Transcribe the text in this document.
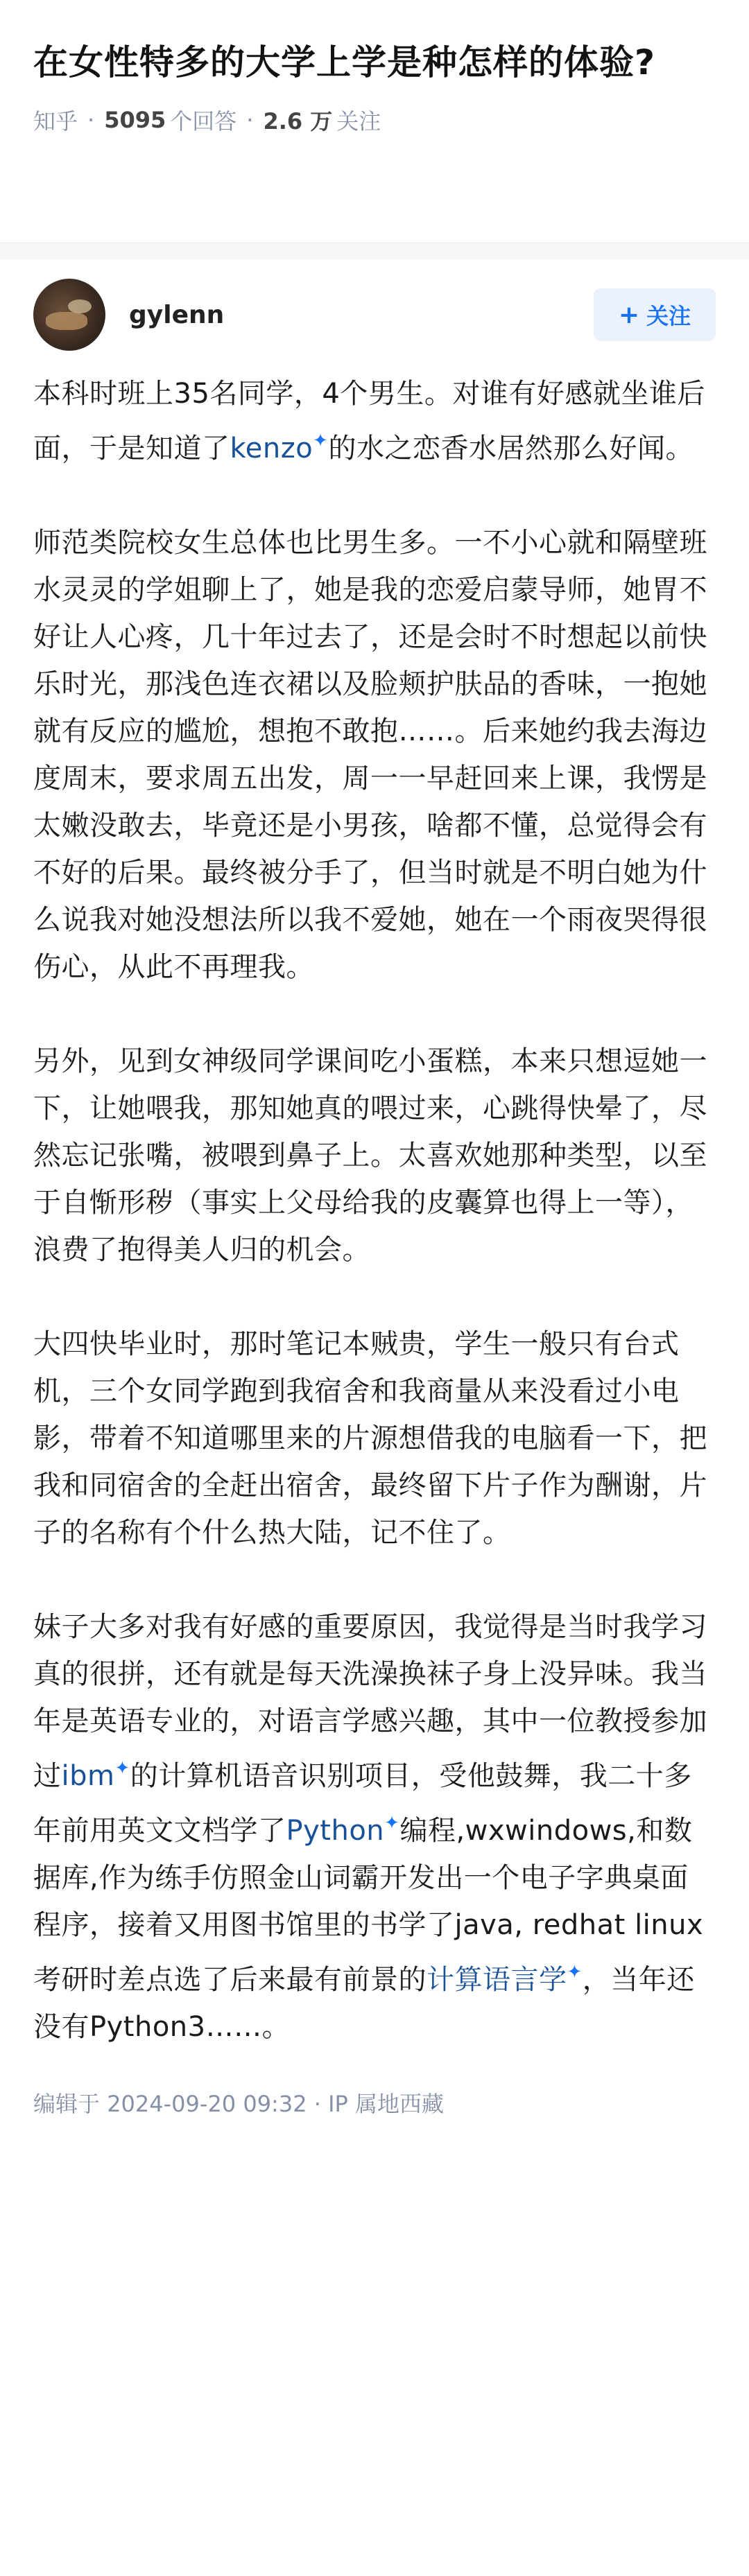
在女性特多的大学上学是种怎样的体验?
知乎 · 5095 个回答 · 2.6 万 关注
gylenn	+ 关注

本科时班上35名同学，4个男生。对谁有好感就坐谁后面，于是知道了kenzo✦的水之恋香水居然那么好闻。

师范类院校女生总体也比男生多。一不小心就和隔壁班水灵灵的学姐聊上了，她是我的恋爱启蒙导师，她胃不好让人心疼，几十年过去了，还是会时不时想起以前快乐时光，那浅色连衣裙以及脸颊护肤品的香味，一抱她就有反应的尴尬，想抱不敢抱……。后来她约我去海边度周末，要求周五出发，周一一早赶回来上课，我愣是太嫩没敢去，毕竟还是小男孩，啥都不懂，总觉得会有不好的后果。最终被分手了，但当时就是不明白她为什么说我对她没想法所以我不爱她，她在一个雨夜哭得很伤心，从此不再理我。

另外，见到女神级同学课间吃小蛋糕，本来只想逗她一下，让她喂我，那知她真的喂过来，心跳得快晕了，尽然忘记张嘴，被喂到鼻子上。太喜欢她那种类型，以至于自惭形秽（事实上父母给我的皮囊算也得上一等），浪费了抱得美人归的机会。

大四快毕业时，那时笔记本贼贵，学生一般只有台式机，三个女同学跑到我宿舍和我商量从来没看过小电影，带着不知道哪里来的片源想借我的电脑看一下，把我和同宿舍的全赶出宿舍，最终留下片子作为酬谢，片子的名称有个什么热大陆，记不住了。

妹子大多对我有好感的重要原因，我觉得是当时我学习真的很拼，还有就是每天洗澡换袜子身上没异味。我当年是英语专业的，对语言学感兴趣，其中一位教授参加过ibm✦的计算机语音识别项目，受他鼓舞，我二十多年前用英文文档学了Python✦编程,wxwindows,和数据库,作为练手仿照金山词霸开发出一个电子字典桌面程序，接着又用图书馆里的书学了java, redhat linux考研时差点选了后来最有前景的计算语言学✦，当年还没有Python3……。

编辑于 2024-09-20 09:32 · IP 属地西藏
